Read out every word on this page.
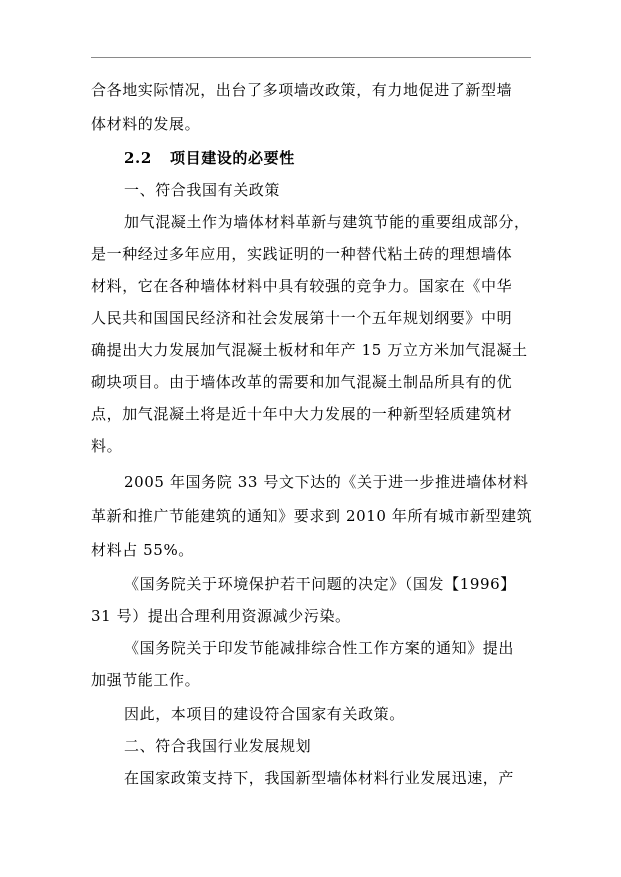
合各地实际情况，出台了多项墙改政策，有力地促进了新型墙
体材料的发展。
2.2 项目建设的必要性
一、符合我国有关政策
加气混凝土作为墙体材料革新与建筑节能的重要组成部分，
是一种经过多年应用，实践证明的一种替代粘土砖的理想墙体
材料，它在各种墙体材料中具有较强的竞争力。国家在《中华
人民共和国国民经济和社会发展第十一个五年规划纲要》中明
确提出大力发展加气混凝土板材和年产 15 万立方米加气混凝土
砌块项目。由于墙体改革的需要和加气混凝土制品所具有的优
点，加气混凝土将是近十年中大力发展的一种新型轻质建筑材
料。
2005 年国务院 33 号文下达的《关于进一步推进墙体材料
革新和推广节能建筑的通知》要求到 2010 年所有城市新型建筑
材料占 55%。
《国务院关于环境保护若干问题的决定》（国发【1996】
31 号）提出合理利用资源减少污染。
《国务院关于印发节能减排综合性工作方案的通知》提出
加强节能工作。
因此，本项目的建设符合国家有关政策。
二、符合我国行业发展规划
在国家政策支持下，我国新型墙体材料行业发展迅速，产
